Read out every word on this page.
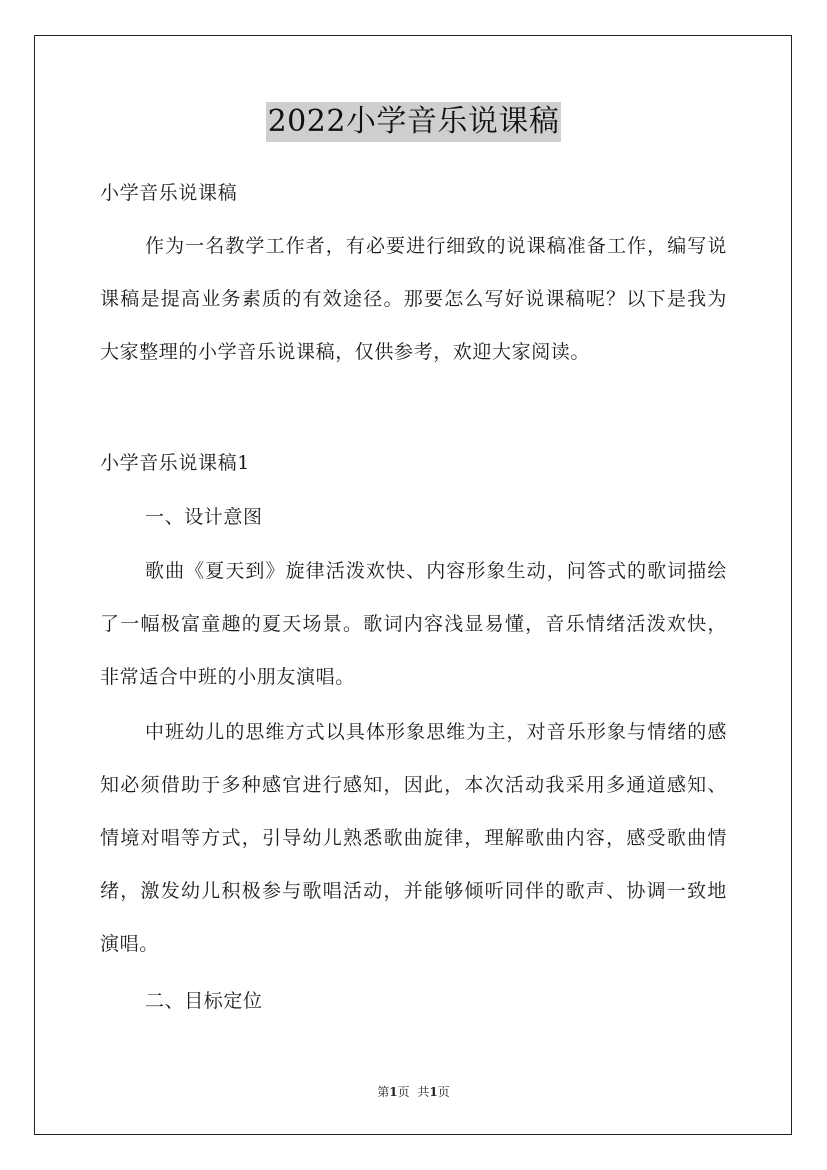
2022小学音乐说课稿

小学音乐说课稿

作为一名教学工作者，有必要进行细致的说课稿准备工作，编写说课稿是提高业务素质的有效途径。那要怎么写好说课稿呢？以下是我为大家整理的小学音乐说课稿，仅供参考，欢迎大家阅读。

小学音乐说课稿1

一、设计意图

歌曲《夏天到》旋律活泼欢快、内容形象生动，问答式的歌词描绘了一幅极富童趣的夏天场景。歌词内容浅显易懂，音乐情绪活泼欢快，非常适合中班的小朋友演唱。

中班幼儿的思维方式以具体形象思维为主，对音乐形象与情绪的感知必须借助于多种感官进行感知，因此，本次活动我采用多通道感知、情境对唱等方式，引导幼儿熟悉歌曲旋律，理解歌曲内容，感受歌曲情绪，激发幼儿积极参与歌唱活动，并能够倾听同伴的歌声、协调一致地演唱。

二、目标定位

第1页 共1页
